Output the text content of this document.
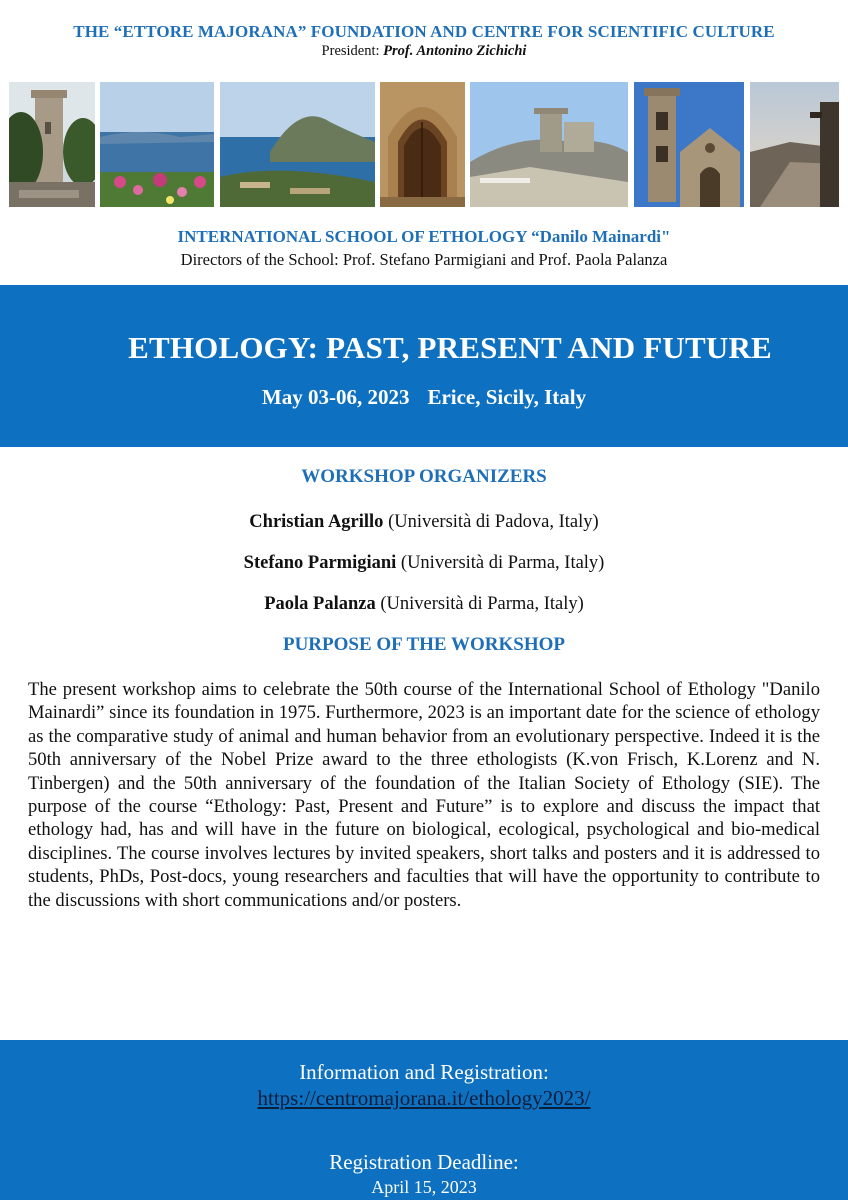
THE “ETTORE MAJORANA” FOUNDATION AND CENTRE FOR SCIENTIFIC CULTURE
President: Prof. Antonino Zichichi
INTERNATIONAL SCHOOL OF ETHOLOGY “Danilo Mainardi"
Directors of the School: Prof. Stefano Parmigiani and Prof. Paola Palanza
ETHOLOGY: PAST, PRESENT AND FUTURE
May 03-06, 2023 Erice, Sicily, Italy
WORKSHOP ORGANIZERS
Christian Agrillo (Università di Padova, Italy)
Stefano Parmigiani (Università di Parma, Italy)
Paola Palanza (Università di Parma, Italy)
PURPOSE OF THE WORKSHOP
The present workshop aims to celebrate the 50th course of the International School of Ethology "Danilo Mainardi” since its foundation in 1975. Furthermore, 2023 is an important date for the science of ethology as the comparative study of animal and human behavior from an evolutionary perspective. Indeed it is the 50th anniversary of the Nobel Prize award to the three ethologists (K.von Frisch, K.Lorenz and N. Tinbergen) and the 50th anniversary of the foundation of the Italian Society of Ethology (SIE). The purpose of the course “Ethology: Past, Present and Future” is to explore and discuss the impact that ethology had, has and will have in the future on biological, ecological, psychological and bio-medical disciplines. The course involves lectures by invited speakers, short talks and posters and it is addressed to students, PhDs, Post-docs, young researchers and faculties that will have the opportunity to contribute to the discussions with short communications and/or posters.
Information and Registration:
https://centromajorana.it/ethology2023/
Registration Deadline:
April 15, 2023
